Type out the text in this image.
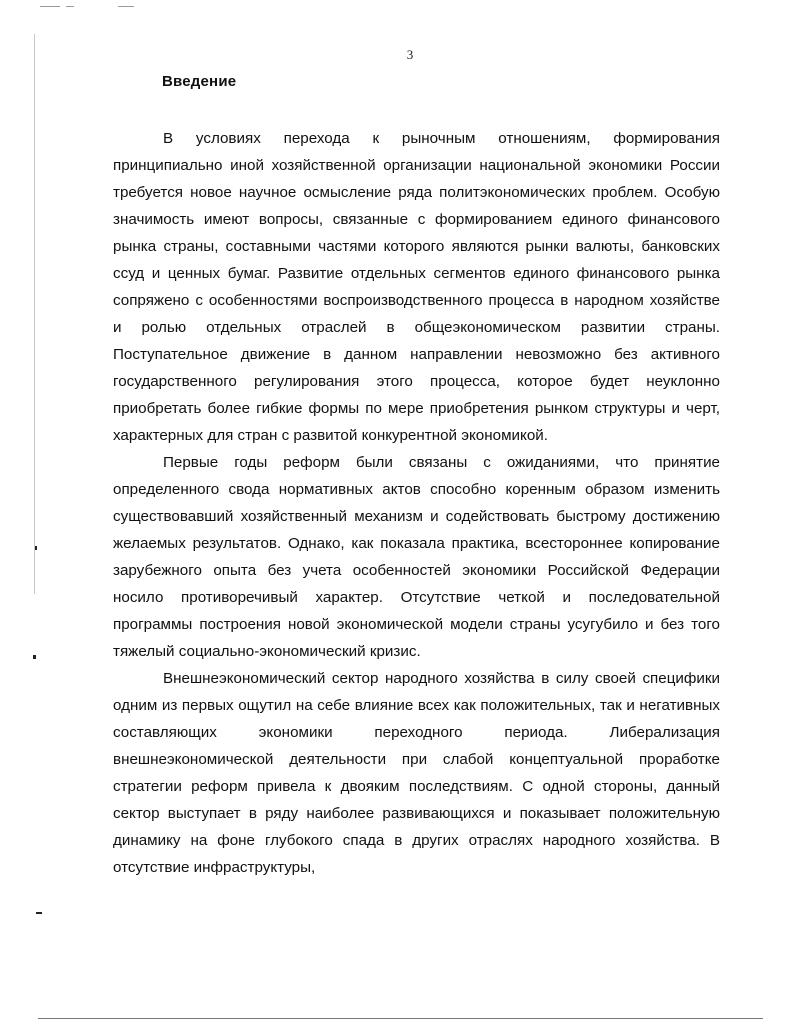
3
Введение

В условиях перехода к рыночным отношениям, формирования принципиально иной хозяйственной организации национальной экономики России требуется новое научное осмысление ряда политэкономических проблем. Особую значимость имеют вопросы, связанные с формированием единого финансового рынка страны, составными частями которого являются рынки валюты, банковских ссуд и ценных бумаг. Развитие отдельных сегментов единого финансового рынка сопряжено с особенностями воспроизводственного процесса в народном хозяйстве и ролью отдельных отраслей в общеэкономическом развитии страны. Поступательное движение в данном направлении невозможно без активного государственного регулирования этого процесса, которое будет неуклонно приобретать более гибкие формы по мере приобретения рынком структуры и черт, характерных для стран с развитой конкурентной экономикой.

Первые годы реформ были связаны с ожиданиями, что принятие определенного свода нормативных актов способно коренным образом изменить существовавший хозяйственный механизм и содействовать быстрому достижению желаемых результатов. Однако, как показала практика, всестороннее копирование зарубежного опыта без учета особенностей экономики Российской Федерации носило противоречивый характер. Отсутствие четкой и последовательной программы построения новой экономической модели страны усугубило и без того тяжелый социально-экономический кризис.

Внешнеэкономический сектор народного хозяйства в силу своей специфики одним из первых ощутил на себе влияние всех как положительных, так и негативных составляющих экономики переходного периода. Либерализация внешнеэкономической деятельности при слабой концептуальной проработке стратегии реформ привела к двояким последствиям. С одной стороны, данный сектор выступает в ряду наиболее развивающихся и показывает положительную динамику на фоне глубокого спада в других отраслях народного хозяйства. В отсутствие инфраструктуры,
